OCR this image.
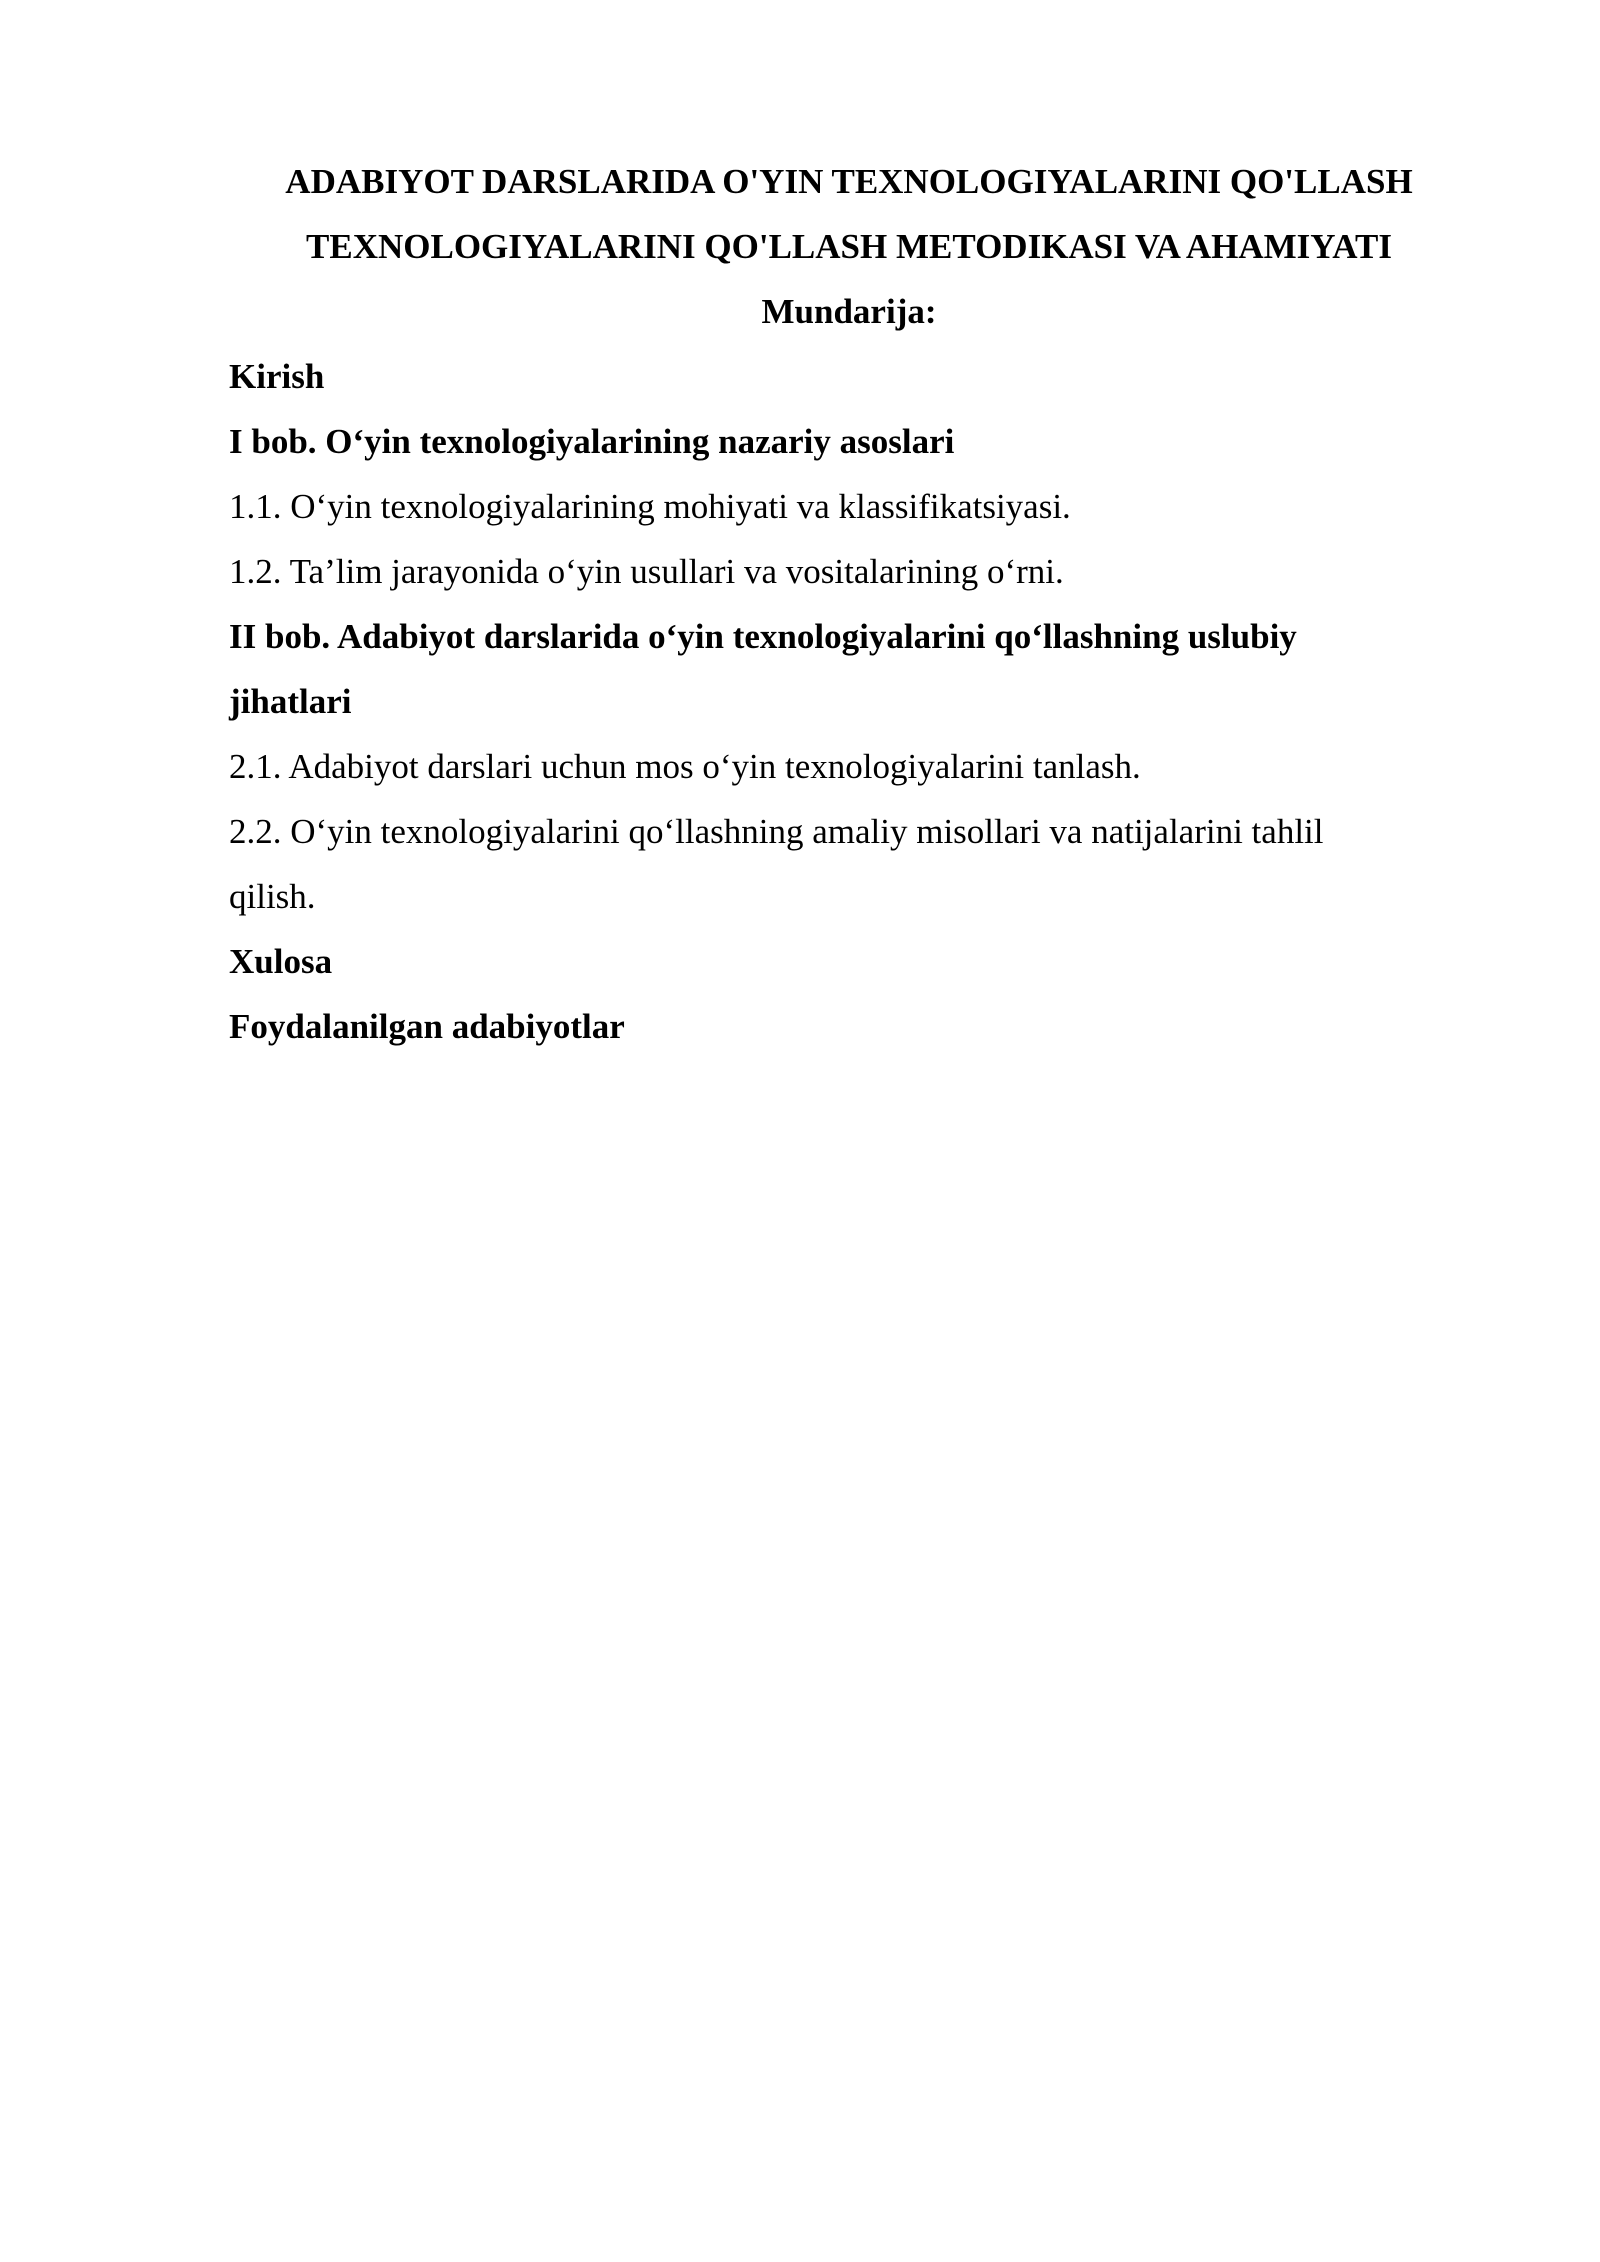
ADABIYOT DARSLARIDA O'YIN TEXNOLOGIYALARINI QO'LLASH

TEXNOLOGIYALARINI QO'LLASH METODIKASI VA AHAMIYATI

Mundarija:

Kirish
I bob. O‘yin texnologiyalarining nazariy asoslari
1.1. O‘yin texnologiyalarining mohiyati va klassifikatsiyasi.
1.2. Ta’lim jarayonida o‘yin usullari va vositalarining o‘rni.
II bob. Adabiyot darslarida o‘yin texnologiyalarini qo‘llashning uslubiy
jihatlari
2.1. Adabiyot darslari uchun mos o‘yin texnologiyalarini tanlash.
2.2. O‘yin texnologiyalarini qo‘llashning amaliy misollari va natijalarini tahlil
qilish.
Xulosa
Foydalanilgan adabiyotlar
